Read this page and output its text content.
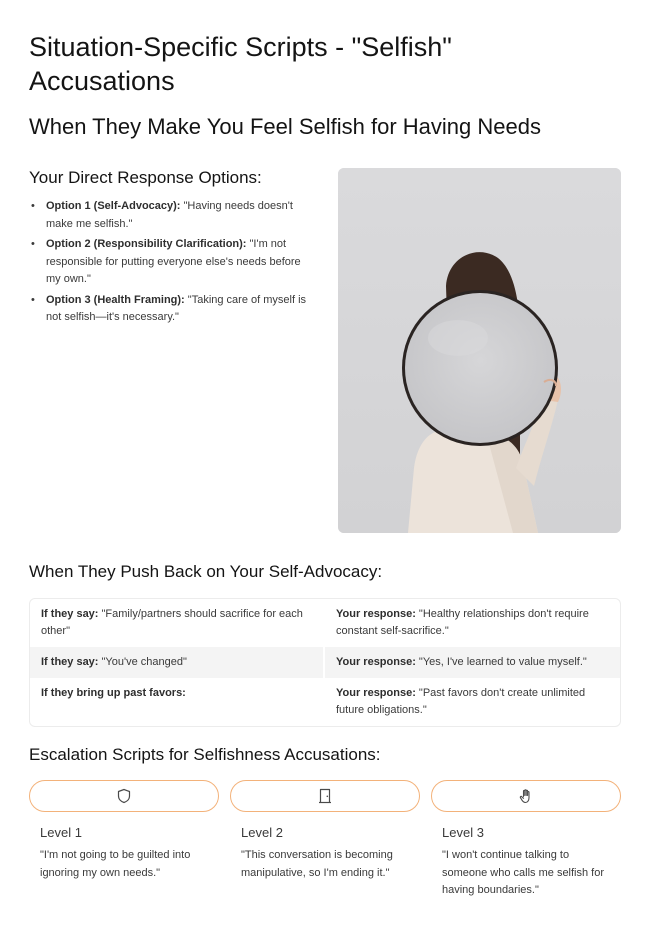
Situation-Specific Scripts - "Selfish" Accusations
When They Make You Feel Selfish for Having Needs
Your Direct Response Options:
• Option 1 (Self-Advocacy): "Having needs doesn't make me selfish."
• Option 2 (Responsibility Clarification): "I'm not responsible for putting everyone else's needs before my own."
• Option 3 (Health Framing): "Taking care of myself is not selfish—it's necessary."
When They Push Back on Your Self-Advocacy:
If they say: "Family/partners should sacrifice for each other"
Your response: "Healthy relationships don't require constant self-sacrifice."
If they say: "You've changed"	Your response: "Yes, I've learned to value myself."
If they bring up past favors:	Your response: "Past favors don't create unlimited future obligations."
Escalation Scripts for Selfishness Accusations:
Level 1
"I'm not going to be guilted into ignoring my own needs."
Level 2
"This conversation is becoming manipulative, so I'm ending it."
Level 3
"I won't continue talking to someone who calls me selfish for having boundaries."
